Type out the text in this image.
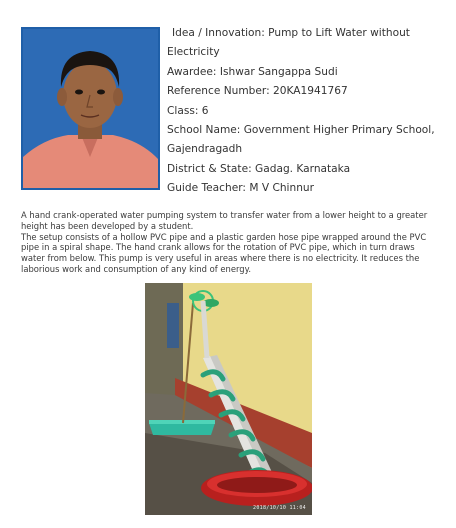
Idea / Innovation: Pump to Lift Water without
Electricity
Awardee: Ishwar Sangappa Sudi
Reference Number: 20KA1941767
Class: 6
School Name: Government Higher Primary School,
Gajendragadh
District & State: Gadag. Karnataka
Guide Teacher: M V Chinnur

A hand crank-operated water pumping system to transfer water from a lower height to a greater height has been developed by a student.

The setup consists of a hollow PVC pipe and a plastic garden hose pipe wrapped around the PVC pipe in a spiral shape. The hand crank allows for the rotation of PVC pipe, which in turn draws water from below. This pump is very useful in areas where there is no electricity. It reduces the laborious work and consumption of any kind of energy.

2018/10/10 11:04
